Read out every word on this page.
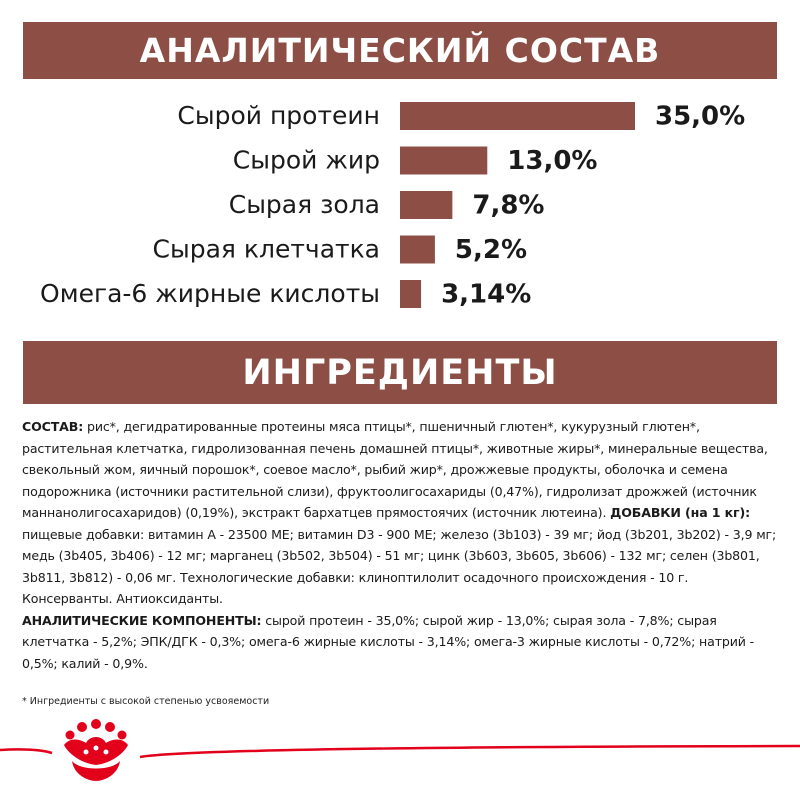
АНАЛИТИЧЕСКИЙ СОСТАВ
Сырой протеин	35,0%
Сырой жир	13,0%
Сырая зола	7,8%
Сырая клетчатка	5,2%
Омега-6 жирные кислоты 3,14%
ИНГРЕДИЕНТЫ

СОСТАВ: рис*, дегидратированные протеины мяса птицы*, пшеничный глютен*, кукурузный глютен*, растительная клетчатка, гидролизованная печень домашней птицы*, животные жиры*, минеральные вещества, свекольный жом, яичный порошок*, соевое масло*, рыбий жир*, дрожжевые продукты, оболочка и семена подорожника (источники растительной слизи), фруктоолигосахариды (0,47%), гидролизат дрожжей (источник маннанолигосахаридов) (0,19%), экстракт бархатцев прямостоячих (источник лютеина). ДОБАВКИ (на 1 кг): пищевые добавки: витамин А - 23500 МЕ; витамин D3 - 900 МЕ; железо (3b103) - 39 мг; йод (3b201, 3b202) - 3,9 мг; медь (3b405, 3b406) - 12 мг; марганец (3b502, 3b504) - 51 мг; цинк (3b603, 3b605, 3b606) - 132 мг; селен (3b801, 3b811, 3b812) - 0,06 мг. Технологические добавки: клиноптилолит осадочного происхождения - 10 г. Консерванты. Антиоксиданты.

АНАЛИТИЧЕСКИЕ КОМПОНЕНТЫ: сырой протеин - 35,0%; сырой жир - 13,0%; сырая зола - 7,8%; сырая клетчатка - 5,2%; ЭПК/ДГК - 0,3%; омега-6 жирные кислоты - 3,14%; омега-3 жирные кислоты - 0,72%; натрий - 0,5%; калий - 0,9%.

* Ингредиенты с высокой степенью усвояемости
